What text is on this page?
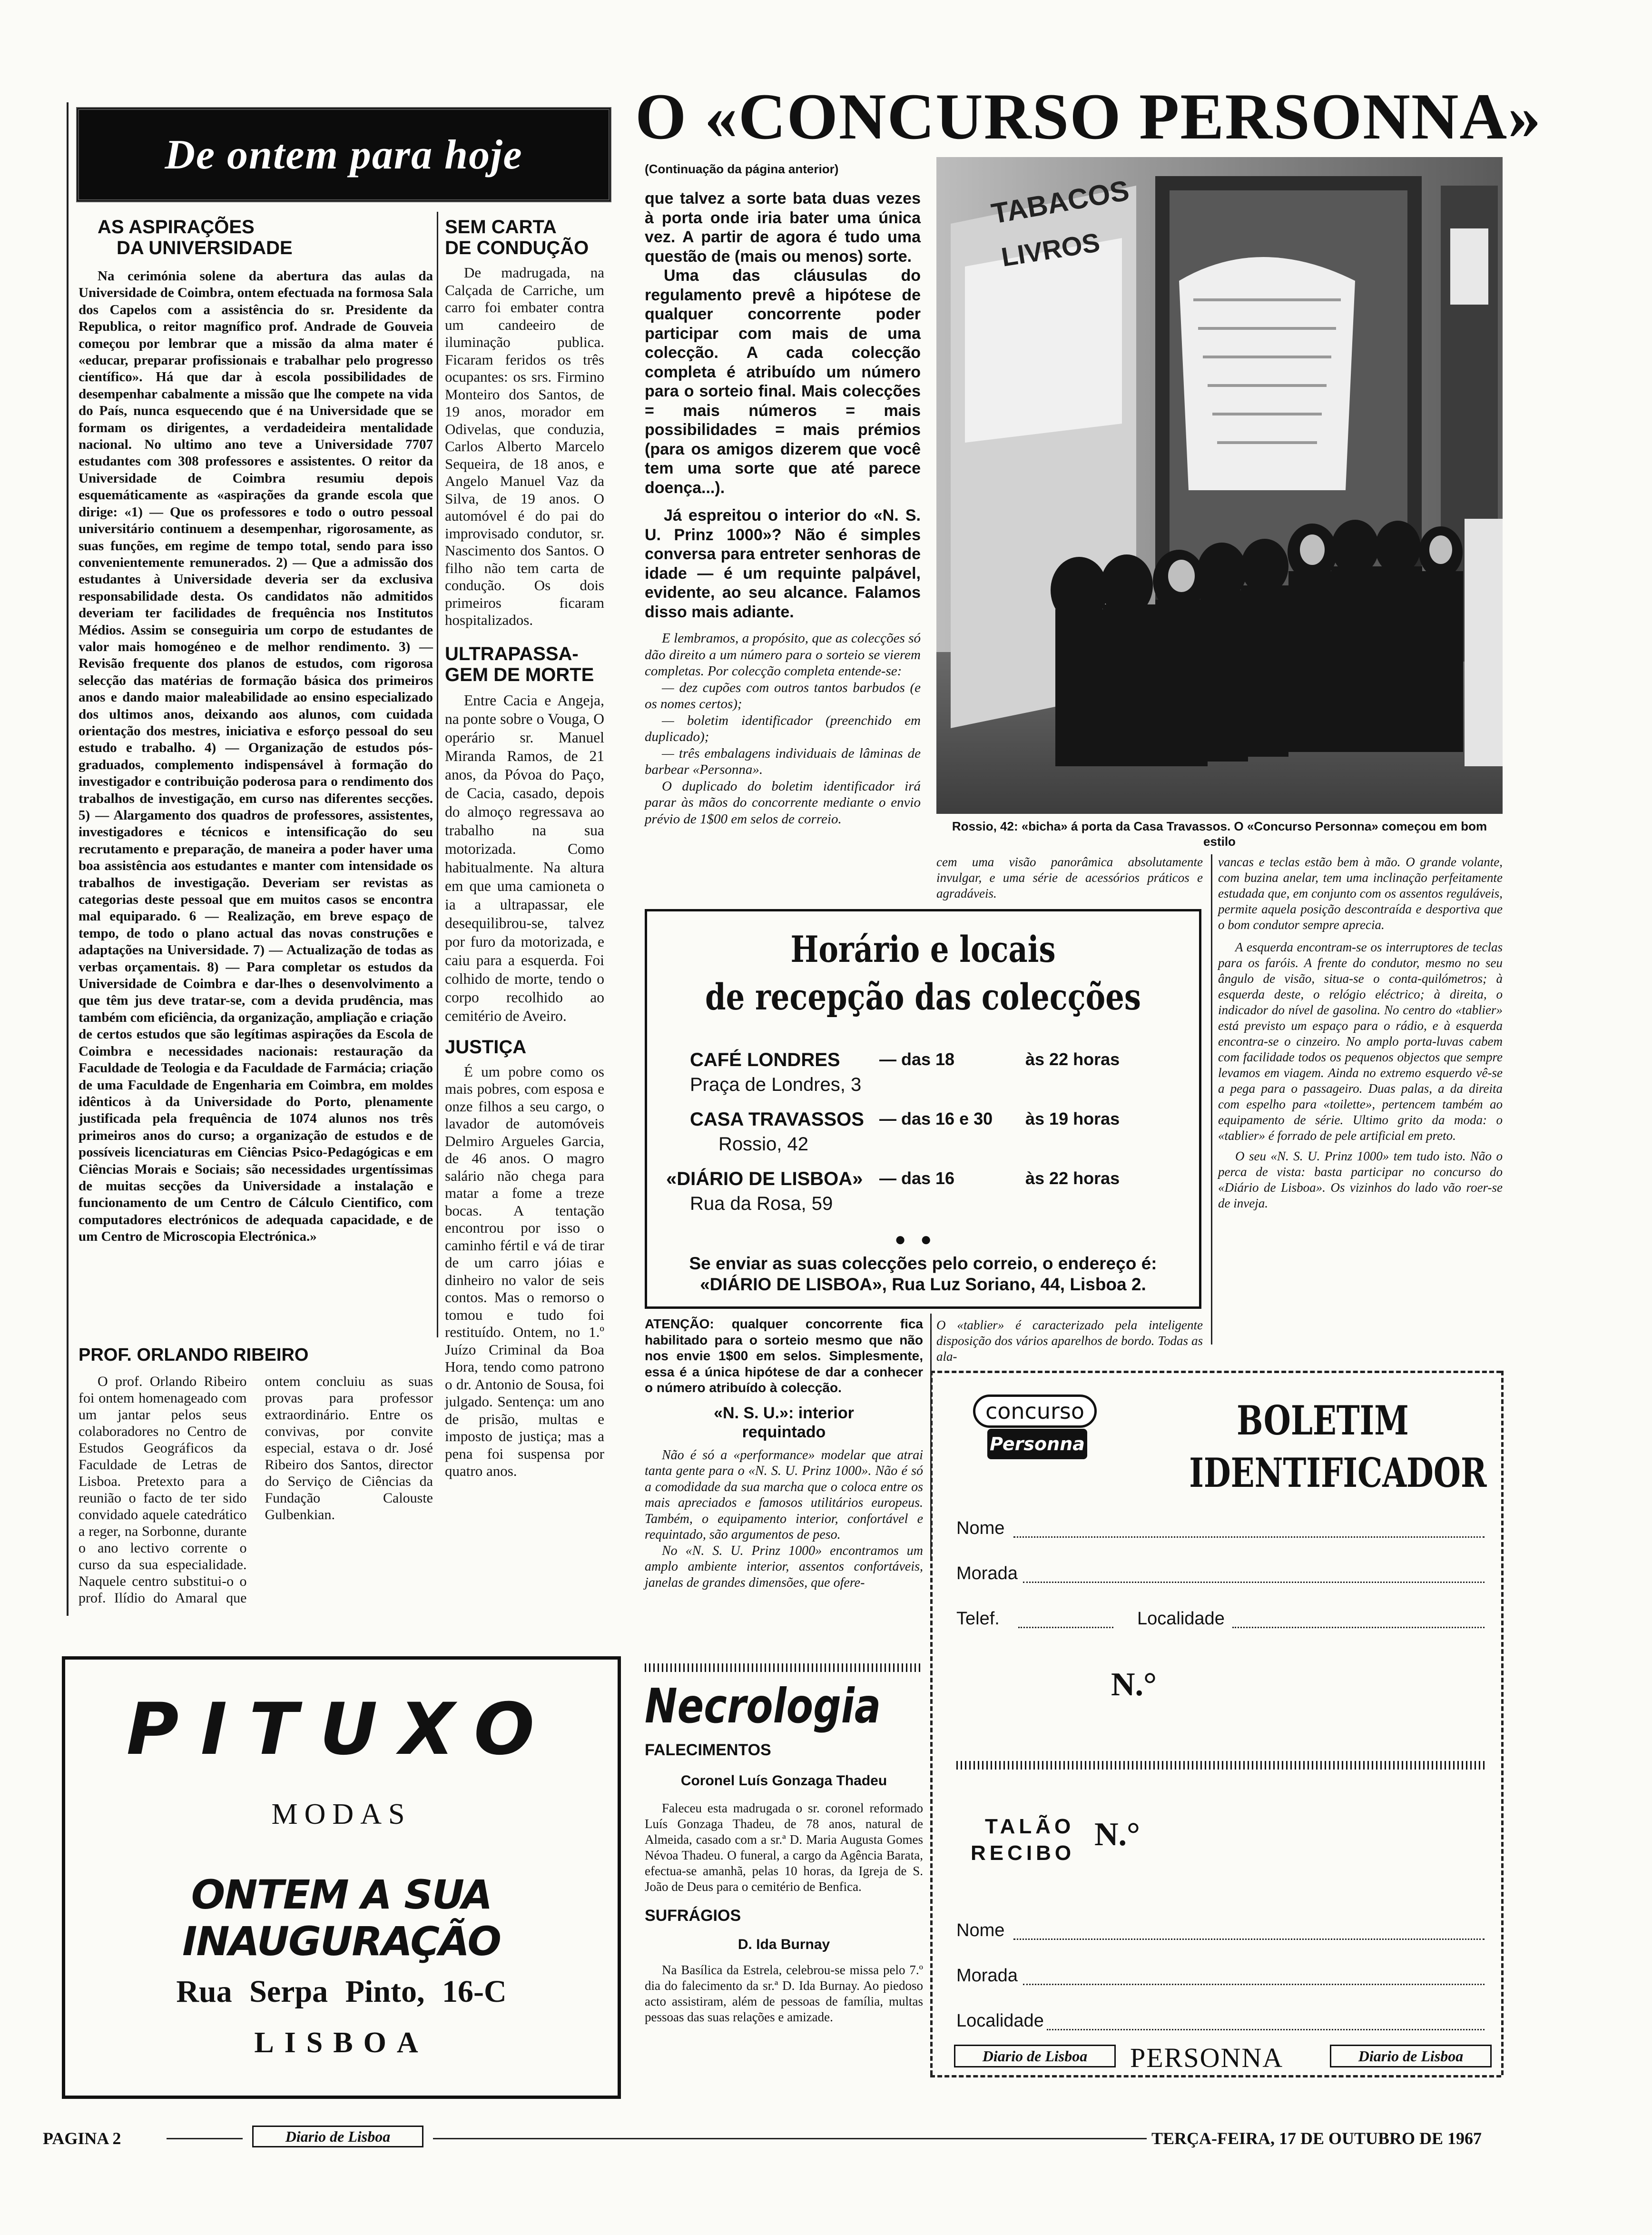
De ontem para hoje
AS ASPIRAÇÕES
DA UNIVERSIDADE

Na cerimónia solene da abertura das aulas da Universidade de Coimbra, ontem efectuada na formosa Sala dos Capelos com a assistência do sr. Presidente da Republica, o reitor magnífico prof. Andrade de Gouveia começou por lembrar que a missão da alma mater é «educar, preparar profissionais e trabalhar pelo progresso científico». Há que dar à escola possibilidades de desempenhar cabalmente a missão que lhe compete na vida do País, nunca esquecendo que é na Universidade que se formam os dirigentes, a verdadeideira mentalidade nacional. No ultimo ano teve a Universidade 7707 estudantes com 308 professores e assistentes. O reitor da Universidade de Coimbra resumiu depois esquemáticamente as «aspirações da grande escola que dirige: «1) — Que os professores e todo o outro pessoal universitário continuem a desempenhar, rigorosamente, as suas funções, em regime de tempo total, sendo para isso convenientemente remunerados. 2) — Que a admissão dos estudantes à Universidade deveria ser da exclusiva responsabilidade desta. Os candidatos não admitidos deveriam ter facilidades de frequência nos Institutos Médios. Assim se conseguiria um corpo de estudantes de valor mais homogéneo e de melhor rendimento. 3) — Revisão frequente dos planos de estudos, com rigorosa selecção das matérias de formação básica dos primeiros anos e dando maior maleabilidade ao ensino especializado dos ultimos anos, deixando aos alunos, com cuidada orientação dos mestres, iniciativa e esforço pessoal do seu estudo e trabalho. 4) — Organização de estudos pós-graduados, complemento indispensável à formação do investigador e contribuição poderosa para o rendimento dos trabalhos de investigação, em curso nas diferentes secções. 5) — Alargamento dos quadros de professores, assistentes, investigadores e técnicos e intensificação do seu recrutamento e preparação, de maneira a poder haver uma boa assistência aos estudantes e manter com intensidade os trabalhos de investigação. Deveriam ser revistas as categorias deste pessoal que em muitos casos se encontra mal equiparado. 6 — Realização, em breve espaço de tempo, de todo o plano actual das novas construções e adaptações na Universidade. 7) — Actualização de todas as verbas orçamentais. 8) — Para completar os estudos da Universidade de Coimbra e dar-lhes o desenvolvimento a que têm jus deve tratar-se, com a devida prudência, mas também com eficiência, da organização, ampliação e criação de certos estudos que são legítimas aspirações da Escola de Coimbra e necessidades nacionais: restauração da Faculdade de Teologia e da Faculdade de Farmácia; criação de uma Faculdade de Engenharia em Coimbra, em moldes idênticos à da Universidade do Porto, plenamente justificada pela frequência de 1074 alunos nos três primeiros anos do curso; a organização de estudos e de possíveis licenciaturas em Ciências Psico-Pedagógicas e em Ciências Morais e Sociais; são necessidades urgentíssimas de muitas secções da Universidade a instalação e funcionamento de um Centro de Cálculo Cientifico, com computadores electrónicos de adequada capacidade, e de um Centro de Microscopia Electrónica.»

PROF. ORLANDO RIBEIRO

O prof. Orlando Ribeiro foi ontem homenageado com um jantar pelos seus colaboradores no Centro de Estudos Geográficos da Faculdade de Letras de Lisboa. Pretexto para a reunião o facto de ter sido convidado aquele catedrático a reger, na Sorbonne, durante o ano lectivo corrente o curso da sua especialidade. Naquele centro substitui-o o prof. Ilídio do Amaral que ontem concluiu as suas provas para professor extraordinário. Entre os convivas, por convite especial, estava o dr. José Ribeiro dos Santos, director do Serviço de Ciências da Fundação Calouste Gulbenkian.

SEM CARTA
DE CONDUÇÃO

De madrugada, na Calçada de Carriche, um carro foi embater contra um candeeiro de iluminação publica. Ficaram feridos os três ocupantes: os srs. Firmino Monteiro dos Santos, de 19 anos, morador em Odivelas, que conduzia, Carlos Alberto Marcelo Sequeira, de 18 anos, e Angelo Manuel Vaz da Silva, de 19 anos. O automóvel é do pai do improvisado condutor, sr. Nascimento dos Santos. O filho não tem carta de condução. Os dois primeiros ficaram hospitalizados.

ULTRAPASSA-
GEM DE MORTE

Entre Cacia e Angeja, na ponte sobre o Vouga, O operário sr. Manuel Miranda Ramos, de 21 anos, da Póvoa do Paço, de Cacia, casado, depois do almoço regressava ao trabalho na sua motorizada. Como habitualmente. Na altura em que uma camioneta o ia a ultrapassar, ele desequilibrou-se, talvez por furo da motorizada, e caiu para a esquerda. Foi colhido de morte, tendo o corpo recolhido ao cemitério de Aveiro.

JUSTIÇA

É um pobre como os mais pobres, com esposa e onze filhos a seu cargo, o lavador de automóveis Delmiro Argueles Garcia, de 46 anos. O magro salário não chega para matar a fome a treze bocas. A tentação encontrou por isso o caminho fértil e vá de tirar de um carro jóias e dinheiro no valor de seis contos. Mas o remorso o tomou e tudo foi restituído. Ontem, no 1.º Juízo Criminal da Boa Hora, tendo como patrono o dr. Antonio de Sousa, foi julgado. Sentença: um ano de prisão, multas e imposto de justiça; mas a pena foi suspensa por quatro anos.

O «CONCURSO PERSONNA»
(Continuação da página anterior)

que talvez a sorte bata duas vezes à porta onde iria bater uma única vez. A partir de agora é tudo uma questão de (mais ou menos) sorte.

Uma das cláusulas do regulamento prevê a hipótese de qualquer concorrente poder participar com mais de uma colecção. A cada colecção completa é atribuído um número para o sorteio final. Mais colecções = mais números = mais possibilidades = mais prémios (para os amigos dizerem que você tem uma sorte que até parece doença...).

Já espreitou o interior do «N. S. U. Prinz 1000»? Não é simples conversa para entreter senhoras de idade — é um requinte palpável, evidente, ao seu alcance. Falamos disso mais adiante.

E lembramos, a propósito, que as colecções só dão direito a um número para o sorteio se vierem completas. Por colecção completa entende-se:

— dez cupões com outros tantos barbudos (e os nomes certos);

— boletim identificador (preenchido em duplicado);

— três embalagens individuais de lâminas de barbear «Personna».

O duplicado do boletim identificador irá parar às mãos do concorrente mediante o envio prévio de 1$00 em selos de correio.

TABACOS
LIVROS
Rossio, 42: «bicha» á porta da Casa Travassos. O «Concurso Personna» começou em bom estilo
cem uma visão panorâmica absolutamente invulgar, e uma série de acessórios práticos e agradáveis.

vancas e teclas estão bem à mão. O grande volante, com buzina anelar, tem uma inclinação perfeitamente estudada que, em conjunto com os assentos reguláveis, permite aquela posição descontraída e desportiva que o bom condutor sempre aprecia.

A esquerda encontram-se os interruptores de teclas para os faróis. A frente do condutor, mesmo no seu ângulo de visão, situa-se o conta-quilómetros; à esquerda deste, o relógio eléctrico; à direita, o indicador do nível de gasolina. No centro do «tablier» está previsto um espaço para o rádio, e à esquerda encontra-se o cinzeiro. No amplo porta-luvas cabem com facilidade todos os pequenos objectos que sempre levamos em viagem. Ainda no extremo esquerdo vê-se a pega para o passageiro. Duas palas, a da direita com espelho para «toilette», pertencem também ao equipamento de série. Ultimo grito da moda: o «tablier» é forrado de pele artificial em preto.

O seu «N. S. U. Prinz 1000» tem tudo isto. Não o perca de vista: basta participar no concurso do «Diário de Lisboa». Os vizinhos do lado vão roer-se de inveja.

Horário e locais
de recepção das colecções
CAFÉ LONDRES — das 18	às 22 horas
Praça de Londres, 3
CASA TRAVASSOS — das 16 e 30 às 19 horas
Rossio, 42
«DIÁRIO DE LISBOA» — das 16	às 22 horas
Rua da Rosa, 59
●●
Se enviar as suas colecções pelo correio, o endereço é: «DIÁRIO DE LISBOA», Rua Luz Soriano, 44, Lisboa 2.
ATENÇÃO: qualquer concorrente fica habilitado para o sorteio mesmo que não nos envie 1$00 em selos. Simplesmente, essa é a única hipótese de dar a conhecer o número atribuído à colecção.
«N. S. U.»: interior
requintado

Não é só a «performance» modelar que atrai tanta gente para o «N. S. U. Prinz 1000». Não é só a comodidade da sua marcha que o coloca entre os mais apreciados e famosos utilitários europeus. Também, o equipamento interior, confortável e requintado, são argumentos de peso.

No «N. S. U. Prinz 1000» encontramos um amplo ambiente interior, assentos confortáveis, janelas de grandes dimensões, que ofere-

O «tablier» é caracterizado pela inteligente disposição dos vários aparelhos de bordo. Todas as ala-
Necrologia
FALECIMENTOS
Coronel Luís Gonzaga Thadeu

Faleceu esta madrugada o sr. coronel reformado Luís Gonzaga Thadeu, de 78 anos, natural de Almeida, casado com a sr.ª D. Maria Augusta Gomes Névoa Thadeu. O funeral, a cargo da Agência Barata, efectua-se amanhã, pelas 10 horas, da Igreja de S. João de Deus para o cemitério de Benfica.

SUFRÁGIOS
D. Ida Burnay

Na Basílica da Estrela, celebrou-se missa pelo 7.º dia do falecimento da sr.ª D. Ida Burnay. Ao piedoso acto assistiram, além de pessoas de família, multas pessoas das suas relações e amizade.

concurso
Personna	BOLETIM
IDENTIFICADOR
Nome
Morada
Telef.	Localidade
N.°
TALÃO
RECIBO
N.°
Nome
Morada
Localidade
Diario de Lisboa PERSONNA	Diario de Lisboa
PITUXO
MODAS
ONTEM A SUA INAUGURAÇÃO
Rua Serpa Pinto, 16-C
LISBOA
PAGINA 2	Diario de Lisboa	TERÇA-FEIRA, 17 DE OUTUBRO DE 1967
